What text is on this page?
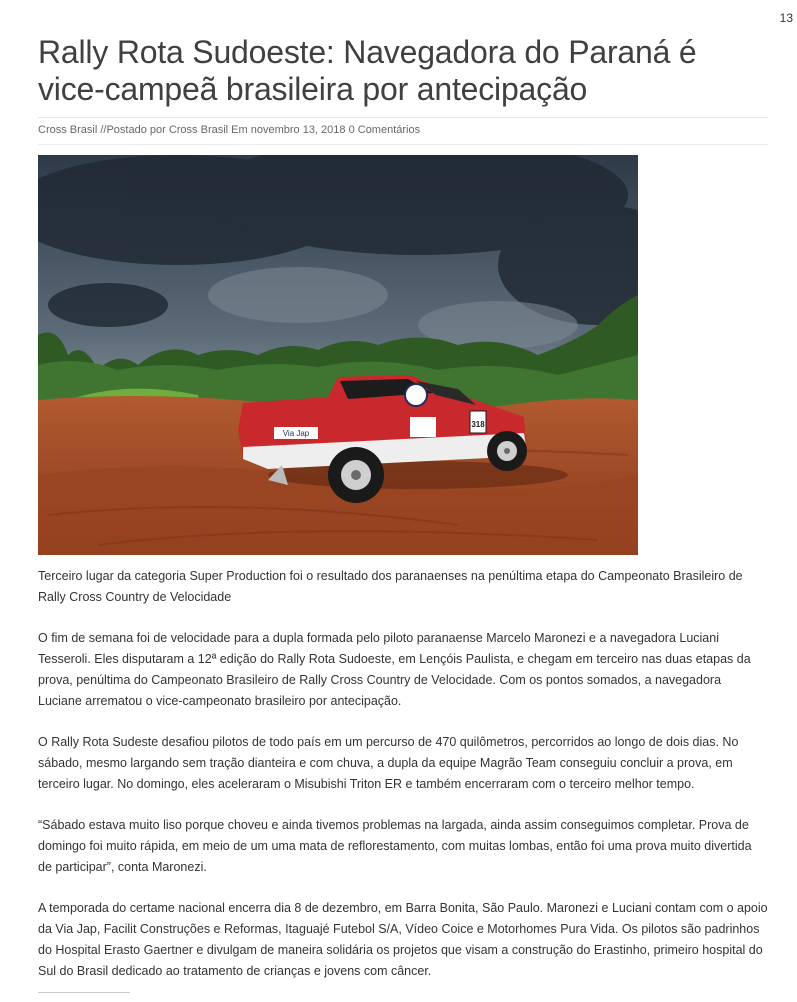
13
Rally Rota Sudoeste: Navegadora do Paraná é vice-campeã brasileira por antecipação
Cross Brasil //Postado por Cross Brasil Em novembro 13, 2018 0 Comentários
318
Via Jap

Terceiro lugar da categoria Super Production foi o resultado dos paranaenses na penúltima etapa do Campeonato Brasileiro de Rally Cross Country de Velocidade

O fim de semana foi de velocidade para a dupla formada pelo piloto paranaense Marcelo Maronezi e a navegadora Luciani Tesseroli. Eles disputaram a 12ª edição do Rally Rota Sudoeste, em Lençóis Paulista, e chegam em terceiro nas duas etapas da prova, penúltima do Campeonato Brasileiro de Rally Cross Country de Velocidade. Com os pontos somados, a navegadora Luciane arrematou o vice-campeonato brasileiro por antecipação.

O Rally Rota Sudeste desafiou pilotos de todo país em um percurso de 470 quilômetros, percorridos ao longo de dois dias. No sábado, mesmo largando sem tração dianteira e com chuva, a dupla da equipe Magrão Team conseguiu concluir a prova, em terceiro lugar. No domingo, eles aceleraram o Misubishi Triton ER e também encerraram com o terceiro melhor tempo.

“Sábado estava muito liso porque choveu e ainda tivemos problemas na largada, ainda assim conseguimos completar. Prova de domingo foi muito rápida, em meio de um uma mata de reflorestamento, com muitas lombas, então foi uma prova muito divertida de participar”, conta Maronezi.

A temporada do certame nacional encerra dia 8 de dezembro, em Barra Bonita, São Paulo. Maronezi e Luciani contam com o apoio da Via Jap, Facilit Construções e Reformas, Itaguajé Futebol S/A, Vídeo Coice e Motorhomes Pura Vida. Os pilotos são padrinhos do Hospital Erasto Gaertner e divulgam de maneira solidária os projetos que visam a construção do Erastinho, primeiro hospital do Sul do Brasil dedicado ao tratamento de crianças e jovens com câncer.
